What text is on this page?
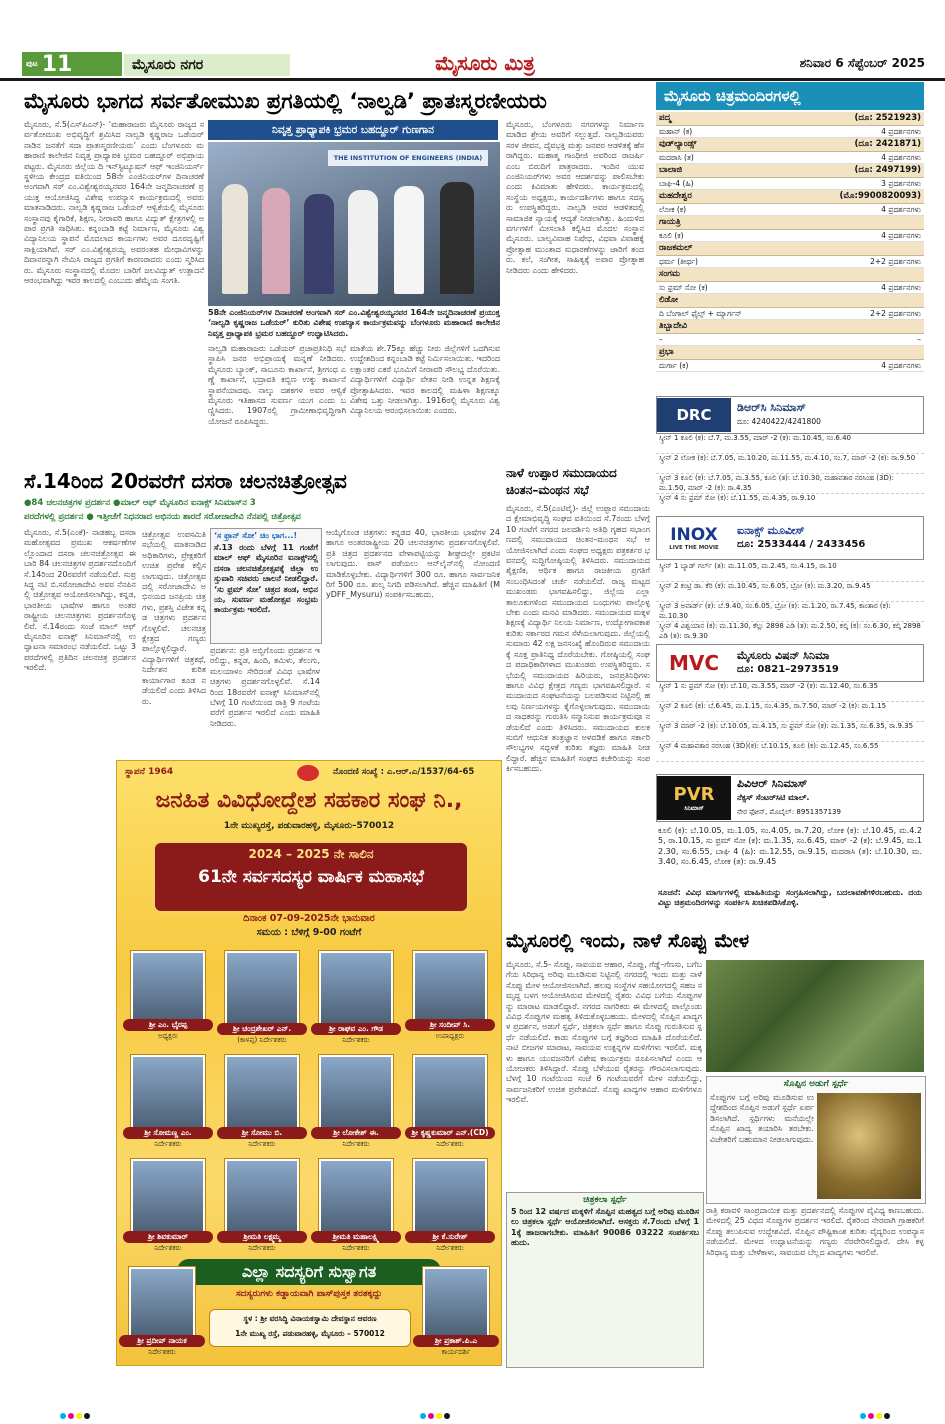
ಪುಟ 11	ಮೈಸೂರು ನಗರ	ಮೈಸೂರು ಮಿತ್ರ	ಶನಿವಾರ 6 ಸೆಪ್ಟೆಂಬರ್ 2025
ಮೈಸೂರು ಭಾಗದ ಸರ್ವತೋಮುಖ ಪ್ರಗತಿಯಲ್ಲಿ ‘ನಾಲ್ವಡಿ’ ಪ್ರಾತಃಸ್ಮರಣೀಯರು
ಮೈಸೂರು, ಸೆ.5(ಎಸ್‌ಪಿಎನ್)- ‘ಮಹಾರಾಜರು ಮೈಸೂರು ರಾಜ್ಯದ ಸರ್ವತೋಮುಖ ಅಭಿವೃದ್ಧಿಗೆ ಶ್ರಮಿಸಿದ ನಾಲ್ವಡಿ ಕೃಷ್ಣರಾಜ ಒಡೆಯರ್ ನಾಡಿನ ಜನತೆಗೆ ಸದಾ ಪ್ರಾತಃಸ್ಮರಣೀಯರು’ ಎಂದು ಬೆಂಗಳೂರು ಮಹಾರಾಣಿ ಕಾಲೇಜಿನ ನಿವೃತ್ತ ಪ್ರಾಧ್ಯಾಪಕಿ ಭ್ರಮರ ಬಹದ್ದೂರ್ ಅಭಿಪ್ರಾಯಪಟ್ಟರು. ಮೈಸೂರು ಜಿಲ್ಲೆಯ ದಿ ಇನ್‌ಸ್ಟಿಟ್ಯೂಷನ್ ಆಫ್ ಇಂಜಿನಿಯರ್ಸ್ ಸ್ಥಳೀಯ ಕೇಂದ್ರದ ವತಿಯಿಂದ 58ನೇ ಎಂಜಿನಿಯರ್‌ಗಳ ದಿನಾಚರಣೆ ಅಂಗವಾಗಿ ಸರ್ ಎಂ.ವಿಶ್ವೇಶ್ವರಯ್ಯನವರ 164ನೇ ಜನ್ಮದಿನಾಚರಣೆ ಪ್ರಯುಕ್ತ ಆಯೋಜಿಸಿದ್ದ ವಿಶೇಷ ಉಪನ್ಯಾಸ ಕಾರ್ಯಕ್ರಮದಲ್ಲಿ ಅವರು ಮಾತನಾಡಿದರು. ನಾಲ್ವಡಿ ಕೃಷ್ಣರಾಜ ಒಡೆಯರ್ ಆಳ್ವಿಕೆಯಲ್ಲಿ ಮೈಸೂರು ಸಂಸ್ಥಾನವು ಕೈಗಾರಿಕೆ, ಶಿಕ್ಷಣ, ನೀರಾವರಿ ಹಾಗೂ ವಿದ್ಯುತ್ ಕ್ಷೇತ್ರಗಳಲ್ಲಿ ಅಪಾರ ಪ್ರಗತಿ ಸಾಧಿಸಿತು. ಕನ್ನಂಬಾಡಿ ಕಟ್ಟೆ ನಿರ್ಮಾಣ, ಮೈಸೂರು ವಿಶ್ವವಿದ್ಯಾನಿಲಯ ಸ್ಥಾಪನೆ ಮೊದಲಾದ ಕಾರ್ಯಗಳು ಅವರ ದೂರದೃಷ್ಟಿಗೆ ಸಾಕ್ಷಿಯಾಗಿವೆ. ಸರ್ ಎಂ.ವಿಶ್ವೇಶ್ವರಯ್ಯ ಅವರಂತಹ ಮೇಧಾವಿಗಳನ್ನು ದಿವಾನರನ್ನಾಗಿ ನೇಮಿಸಿ ರಾಜ್ಯದ ಪ್ರಗತಿಗೆ ಕಾರಣರಾದರು ಎಂದು ಸ್ಮರಿಸಿದರು. ಮೈಸೂರು ಸಂಸ್ಥಾನದಲ್ಲಿ ಮೊದಲ ಬಾರಿಗೆ ಜಲವಿದ್ಯುತ್ ಉತ್ಪಾದನೆ ಆರಂಭವಾಗಿದ್ದು ಇವರ ಕಾಲದಲ್ಲಿ ಎಂಬುದು ಹೆಮ್ಮೆಯ ಸಂಗತಿ.
ನಿವೃತ್ತ ಪ್ರಾಧ್ಯಾಪಕಿ ಭ್ರಮರ ಬಹದ್ದೂರ್ ಗುಣಗಾನ
THE INSTITUTION OF ENGINEERS (INDIA)
58ನೇ ಎಂಜಿನಿಯರ್‌ಗಳ ದಿನಾಚರಣೆ ಅಂಗವಾಗಿ ಸರ್ ಎಂ.ವಿಶ್ವೇಶ್ವರಯ್ಯನವರ 164ನೇ ಜನ್ಮದಿನಾಚರಣೆ ಪ್ರಯುಕ್ತ ‘ನಾಲ್ವಡಿ ಕೃಷ್ಣರಾಜ ಒಡೆಯರ್’ ಕುರಿತು ವಿಶೇಷ ಉಪನ್ಯಾಸ ಕಾರ್ಯಕ್ರಮವನ್ನು ಬೆಂಗಳೂರು ಮಹಾರಾಣಿ ಕಾಲೇಜಿನ ನಿವೃತ್ತ ಪ್ರಾಧ್ಯಾಪಕಿ ಭ್ರಮರ ಬಹದ್ದೂರ್ ಉದ್ಘಾಟಿಸಿದರು.
ನಾಲ್ವಡಿ ಮಹಾರಾಜರು ಒಡೆಯರ್ ಪ್ರಜಾಪ್ರತಿನಿಧಿ ಸಭೆ ಸ್ಥಾಪಿಸಿ ಜನರ ಅಭಿಪ್ರಾಯಕ್ಕೆ ಮನ್ನಣೆ ನೀಡಿದರು. ಮೈಸೂರು ಬ್ಯಾಂಕ್, ಸಾಬೂನು ಕಾರ್ಖಾನೆ, ಶ್ರೀಗಂಧ ಎಣ್ಣೆ ಕಾರ್ಖಾನೆ, ಭದ್ರಾವತಿ ಕಬ್ಬಿಣ ಉಕ್ಕು ಕಾರ್ಖಾನೆ ಸ್ಥಾಪನೆಯಾದವು. ನಾಲ್ಕು ದಶಕಗಳ ಅವರ ಆಳ್ವಿಕೆ ಮೈಸೂರು ಇತಿಹಾಸದ ಸುವರ್ಣ ಯುಗ ಎಂದು ಬಣ್ಣಿಸಿದರು. 1907ರಲ್ಲಿ ಗ್ರಾಮೀಣಾಭಿವೃದ್ಧಿಗಾಗಿ ಯೋಜನೆ ರೂಪಿಸಿದ್ದರು.
ಮಾತೆಯ ಶೇ.75ಕ್ಕೂ ಹೆಚ್ಚು ನೀರು ಜಿಲ್ಲೆಗಳಿಗೆ ಒದಗಿಸುವ ಉದ್ದೇಶದಿಂದ ಕನ್ನಂಬಾಡಿ ಕಟ್ಟೆ ನಿರ್ಮಿಸಲಾಯಿತು. ಇದರಿಂದ ಲಕ್ಷಾಂತರ ಎಕರೆ ಭೂಮಿಗೆ ನೀರಾವರಿ ಸೌಲಭ್ಯ ದೊರೆಯಿತು. ವಿದ್ಯಾರ್ಥಿಗಳಿಗೆ ವಿದ್ಯಾರ್ಥಿ ವೇತನ ನೀಡಿ ಉನ್ನತ ಶಿಕ್ಷಣಕ್ಕೆ ಪ್ರೋತ್ಸಾಹಿಸಿದರು. ಇವರ ಕಾಲದಲ್ಲಿ ಮಹಿಳಾ ಶಿಕ್ಷಣಕ್ಕೂ ವಿಶೇಷ ಒತ್ತು ನೀಡಲಾಗಿತ್ತು. 1916ರಲ್ಲಿ ಮೈಸೂರು ವಿಶ್ವವಿದ್ಯಾನಿಲಯ ಆರಂಭಿಸಲಾಯಿತು ಎಂದರು.
ಮೈಸೂರು, ಬೆಂಗಳೂರು ನಗರಗಳನ್ನು ನಿರ್ಮಾಣ ಮಾಡಿದ ಶ್ರೇಯ ಅವರಿಗೆ ಸಲ್ಲುತ್ತದೆ. ನಾಲ್ವಡಿಯವರು ಸರಳ ಜೀವನ, ದೈವಭಕ್ತಿ ಮತ್ತು ಜನಪರ ಆಡಳಿತಕ್ಕೆ ಹೆಸರಾಗಿದ್ದರು. ಮಹಾತ್ಮ ಗಾಂಧೀಜಿ ಅವರಿಂದ ರಾಜರ್ಷಿ ಎಂಬ ಬಿರುದಿಗೆ ಪಾತ್ರರಾದರು. ಇಂದಿನ ಯುವ ಎಂಜಿನಿಯರ್‌ಗಳು ಅವರ ಆದರ್ಶವನ್ನು ಪಾಲಿಸಬೇಕು ಎಂದು ಕಿವಿಮಾತು ಹೇಳಿದರು. ಕಾರ್ಯಕ್ರಮದಲ್ಲಿ ಸಂಸ್ಥೆಯ ಅಧ್ಯಕ್ಷರು, ಕಾರ್ಯದರ್ಶಿಗಳು ಹಾಗೂ ಸದಸ್ಯರು ಉಪಸ್ಥಿತರಿದ್ದರು. ನಾಲ್ವಡಿ ಅವರ ಆಡಳಿತದಲ್ಲಿ ಸಾಮಾಜಿಕ ನ್ಯಾಯಕ್ಕೆ ಆದ್ಯತೆ ನೀಡಲಾಗಿತ್ತು. ಹಿಂದುಳಿದ ವರ್ಗಗಳಿಗೆ ಮೀಸಲಾತಿ ಕಲ್ಪಿಸಿದ ಮೊದಲ ಸಂಸ್ಥಾನ ಮೈಸೂರು. ಬಾಲ್ಯವಿವಾಹ ನಿಷೇಧ, ವಿಧವಾ ವಿವಾಹಕ್ಕೆ ಪ್ರೋತ್ಸಾಹ ಮುಂತಾದ ಸುಧಾರಣೆಗಳನ್ನು ಜಾರಿಗೆ ತಂದರು. ಕಲೆ, ಸಂಗೀತ, ಸಾಹಿತ್ಯಕ್ಕೆ ಅಪಾರ ಪ್ರೋತ್ಸಾಹ ನೀಡಿದರು ಎಂದು ಹೇಳಿದರು.
ನಾಳೆ ಉಪ್ಪಾರ ಸಮುದಾಯದ ಚಿಂತನ–ಮಂಥನ ಸಭೆ
ಮೈಸೂರು, ಸೆ.5(ಎಂಟಿವೈ)- ಜಿಲ್ಲೆ ಉಪ್ಪಾರ ಸಮುದಾಯದ ಕ್ಷೇಮಾಭಿವೃದ್ಧಿ ಸಂಘದ ವತಿಯಿಂದ ಸೆ.7ರಂದು ಬೆಳಗ್ಗೆ 10 ಗಂಟೆಗೆ ನಗರದ ಜಲದರ್ಶಿನಿ ಅತಿಥಿ ಗೃಹದ ಸಭಾಂಗಣದಲ್ಲಿ ಸಮುದಾಯದ ಚಿಂತನ–ಮಂಥನ ಸಭೆ ಆಯೋಜಿಸಲಾಗಿದೆ ಎಂದು ಸಂಘದ ಅಧ್ಯಕ್ಷರು ಪತ್ರಕರ್ತರ ಭವನದಲ್ಲಿ ಸುದ್ದಿಗೋಷ್ಠಿಯಲ್ಲಿ ತಿಳಿಸಿದರು. ಸಮುದಾಯದ ಶೈಕ್ಷಣಿಕ, ಆರ್ಥಿಕ ಹಾಗೂ ರಾಜಕೀಯ ಪ್ರಗತಿಗೆ ಸಂಬಂಧಿಸಿದಂತೆ ಚರ್ಚೆ ನಡೆಯಲಿದೆ. ರಾಜ್ಯ ಮಟ್ಟದ ಮುಖಂಡರು ಭಾಗವಹಿಸಲಿದ್ದು, ಜಿಲ್ಲೆಯ ಎಲ್ಲಾ ತಾಲೂಕುಗಳಿಂದ ಸಮುದಾಯದ ಬಂಧುಗಳು ಪಾಲ್ಗೊಳ್ಳಬೇಕು ಎಂದು ಮನವಿ ಮಾಡಿದರು. ಸಮುದಾಯದ ಮಕ್ಕಳ ಶಿಕ್ಷಣಕ್ಕೆ ವಿದ್ಯಾರ್ಥಿ ನಿಲಯ ನಿರ್ಮಾಣ, ಉದ್ಯೋಗಾವಕಾಶ ಕುರಿತು ಸರ್ಕಾರದ ಗಮನ ಸೆಳೆಯಲಾಗುವುದು. ಜಿಲ್ಲೆಯಲ್ಲಿ ಸುಮಾರು 42 ಲಕ್ಷ ಜನಸಂಖ್ಯೆ ಹೊಂದಿರುವ ಸಮುದಾಯಕ್ಕೆ ಸೂಕ್ತ ಪ್ರಾತಿನಿಧ್ಯ ದೊರೆಯಬೇಕು. ಗೋಷ್ಠಿಯಲ್ಲಿ ಸಂಘದ ಪದಾಧಿಕಾರಿಗಳಾದ ಮುಖಂಡರು ಉಪಸ್ಥಿತರಿದ್ದರು. ಸಭೆಯಲ್ಲಿ ಸಮುದಾಯದ ಹಿರಿಯರು, ಜನಪ್ರತಿನಿಧಿಗಳು ಹಾಗೂ ವಿವಿಧ ಕ್ಷೇತ್ರದ ಗಣ್ಯರು ಭಾಗವಹಿಸಲಿದ್ದಾರೆ. ಸಮುದಾಯದ ಸಂಘಟನೆಯನ್ನು ಬಲಪಡಿಸುವ ನಿಟ್ಟಿನಲ್ಲಿ ಹಲವು ನಿರ್ಣಯಗಳನ್ನು ಕೈಗೊಳ್ಳಲಾಗುವುದು. ಸಮುದಾಯದ ಸಾಧಕರನ್ನು ಗುರುತಿಸಿ ಸನ್ಮಾನಿಸುವ ಕಾರ್ಯಕ್ರಮವೂ ನಡೆಯಲಿದೆ ಎಂದು ತಿಳಿಸಿದರು. ಸಮುದಾಯದ ಕುಲಕಸುಬಿಗೆ ಆಧುನಿಕ ತಂತ್ರಜ್ಞಾನ ಅಳವಡಿಕೆ ಹಾಗೂ ಸರ್ಕಾರಿ ಸೌಲಭ್ಯಗಳ ಸದ್ಬಳಕೆ ಕುರಿತು ತಜ್ಞರು ಮಾಹಿತಿ ನೀಡಲಿದ್ದಾರೆ. ಹೆಚ್ಚಿನ ಮಾಹಿತಿಗೆ ಸಂಘದ ಕಚೇರಿಯನ್ನು ಸಂಪರ್ಕಿಸಬಹುದು.
ಸೆ.14ರಿಂದ 20ರವರೆಗೆ ದಸರಾ ಚಲನಚಿತ್ರೋತ್ಸವ
●84 ಚಲನಚಿತ್ರಗಳ ಪ್ರದರ್ಶನ ●ಮಾಲ್ ಆಫ್ ಮೈಸೂರಿನ ಐನಾಕ್ಸ್ ಸಿನಿಮಾಸ್‌ನ 3
ಪರದೆಗಳಲ್ಲಿ ಪ್ರದರ್ಶನ ● ಇತ್ತೀಚೆಗೆ ನಿಧನರಾದ ಅಭಿನಯ ಶಾರದೆ ಸರೋಜಾದೇವಿ ನೆನಪಲ್ಲಿ ಚಿತ್ರೋತ್ಸವ
ಮೈಸೂರು, ಸೆ.5(ಎಂಕೆ)- ನಾಡಹಬ್ಬ ದಸರಾ ಮಹೋತ್ಸವದ ಪ್ರಮುಖ ಆಕರ್ಷಣೆಗಳಲ್ಲೊಂದಾದ ದಸರಾ ಚಲನಚಿತ್ರೋತ್ಸವ ಈ ಬಾರಿ 84 ಚಲನಚಿತ್ರಗಳ ಪ್ರದರ್ಶನದೊಂದಿಗೆ ಸೆ.14ರಿಂದ 20ರವರೆಗೆ ನಡೆಯಲಿದೆ. ಸುಪ್ರಸಿದ್ಧ ನಟಿ ಬಿ.ಸರೋಜಾದೇವಿ ಅವರ ನೆನಪಿನಲ್ಲಿ ಚಿತ್ರೋತ್ಸವ ಆಯೋಜಿಸಲಾಗಿದ್ದು, ಕನ್ನಡ, ಭಾರತೀಯ ಭಾಷೆಗಳ ಹಾಗೂ ಅಂತರರಾಷ್ಟ್ರೀಯ ಚಲನಚಿತ್ರಗಳು ಪ್ರದರ್ಶನಗೊಳ್ಳಲಿವೆ. ಸೆ.14ರಂದು ಸಂಜೆ ಮಾಲ್ ಆಫ್ ಮೈಸೂರಿನ ಐನಾಕ್ಸ್ ಸಿನಿಮಾಸ್‌ನಲ್ಲಿ ಉದ್ಘಾಟನಾ ಸಮಾರಂಭ ನಡೆಯಲಿದೆ. ಒಟ್ಟು 3 ಪರದೆಗಳಲ್ಲಿ ಪ್ರತಿದಿನ ಚಲನಚಿತ್ರ ಪ್ರದರ್ಶನ ಇರಲಿದೆ.
ಚಿತ್ರೋತ್ಸವ ಉಪಸಮಿತಿ ಸಭೆಯಲ್ಲಿ ಮಾತನಾಡಿದ ಅಧಿಕಾರಿಗಳು, ಪ್ರೇಕ್ಷಕರಿಗೆ ಉಚಿತ ಪ್ರವೇಶ ಕಲ್ಪಿಸಲಾಗುವುದು. ಚಿತ್ರೋತ್ಸವದಲ್ಲಿ ಸರೋಜಾದೇವಿ ಅಭಿನಯದ ಜನಪ್ರಿಯ ಚಿತ್ರಗಳು, ಪ್ರಶಸ್ತಿ ವಿಜೇತ ಕನ್ನಡ ಚಿತ್ರಗಳು ಪ್ರದರ್ಶನಗೊಳ್ಳಲಿವೆ. ಚಲನಚಿತ್ರ ಕ್ಷೇತ್ರದ ಗಣ್ಯರು ಪಾಲ್ಗೊಳ್ಳಲಿದ್ದಾರೆ. ವಿದ್ಯಾರ್ಥಿಗಳಿಗೆ ಚಿತ್ರಕಥೆ, ನಿರ್ದೇಶನ ಕುರಿತ ಕಾರ್ಯಾಗಾರ ಕೂಡ ನಡೆಯಲಿದೆ ಎಂದು ತಿಳಿಸಿದರು.
‘ಸ ಫ್ರಾನ್ ಸೋ’ ಚಿಂ ಭಾಗ...!
ಸೆ.13 ರಂದು ಬೆಳಗ್ಗೆ 11 ಗಂಟೆಗೆ ಮಾಲ್ ಆಫ್ ಮೈಸೂರಿನ ಐನಾಕ್ಸ್‌ನಲ್ಲಿ ದಸರಾ ಚಲನಚಿತ್ರೋತ್ಸವಕ್ಕೆ ಜಿಲ್ಲಾ ಉಸ್ತುವಾರಿ ಸಚಿವರು ಚಾಲನೆ ನೀಡಲಿದ್ದಾರೆ. ‘ಸು ಫ್ರಮ್ ಸೋ’ ಚಿತ್ರದ ತಂಡ, ಅಭಿನಯ, ಸುವರ್ಣ ಮಹೋತ್ಸವ ಸಂಭ್ರಮ ಕಾರ್ಯಕ್ರಮ ಇರಲಿದೆ.
ಪ್ರದರ್ಶನ: ಪ್ರತಿ ಅಬ್ಬಿಗೊಂದು ಪ್ರದರ್ಶನ ಇರಲಿದ್ದು, ಕನ್ನಡ, ಹಿಂದಿ, ತಮಿಳು, ತೆಲುಗು, ಮಲಯಾಳಂ ಸೇರಿದಂತೆ ವಿವಿಧ ಭಾಷೆಗಳ ಚಿತ್ರಗಳು ಪ್ರದರ್ಶನಗೊಳ್ಳಲಿವೆ. ಸೆ.14 ರಿಂದ 18ರವರೆಗೆ ಐನಾಕ್ಸ್ ಸಿನಿಮಾಸ್‌ನಲ್ಲಿ ಬೆಳಗ್ಗೆ 10 ಗಂಟೆಯಿಂದ ರಾತ್ರಿ 9 ಗಂಟೆಯವರೆಗೆ ಪ್ರದರ್ಶನ ಇರಲಿದೆ ಎಂದು ಮಾಹಿತಿ ನೀಡಿದರು.
ಆಯ್ಕೆಗೊಂಡ ಚಿತ್ರಗಳು: ಕನ್ನಡದ 40, ಭಾರತೀಯ ಭಾಷೆಗಳ 24 ಹಾಗೂ ಅಂತರರಾಷ್ಟ್ರೀಯ 20 ಚಲನಚಿತ್ರಗಳು ಪ್ರದರ್ಶನಗೊಳ್ಳಲಿವೆ. ಪ್ರತಿ ಚಿತ್ರದ ಪ್ರದರ್ಶನದ ವೇಳಾಪಟ್ಟಿಯನ್ನು ಶೀಘ್ರದಲ್ಲೇ ಪ್ರಕಟಿಸಲಾಗುವುದು. ಪಾಸ್ ಪಡೆಯಲು ಆನ್‌ಲೈನ್‌ನಲ್ಲಿ ನೋಂದಣಿ ಮಾಡಿಕೊಳ್ಳಬೇಕು. ವಿದ್ಯಾರ್ಥಿಗಳಿಗೆ 300 ರೂ. ಹಾಗೂ ಸಾರ್ವಜನಿಕರಿಗೆ 500 ರೂ. ಶುಲ್ಕ ನಿಗದಿ ಪಡಿಸಲಾಗಿದೆ. ಹೆಚ್ಚಿನ ಮಾಹಿತಿಗೆ (MyDFF_Mysuru) ಸಂಪರ್ಕಿಸಬಹುದು.
ಸ್ಥಾಪನೆ 1964	ನೊಂದಣಿ ಸಂಖ್ಯೆ : ಎ.ಆರ್.ಎ/1537/64-65
ಜನಹಿತ ವಿವಿಧೋದ್ದೇಶ ಸಹಕಾರ ಸಂಘ ನಿ.,
1ನೇ ಮುಖ್ಯರಸ್ತೆ, ಪಡುವಾರಹಳ್ಳಿ, ಮೈಸೂರು–570012
2024 – 2025 ನೇ ಸಾಲಿನ
61ನೇ ಸರ್ವಸದಸ್ಯರ ವಾರ್ಷಿಕ ಮಹಾಸಭೆ
ದಿನಾಂಕ 07-09-2025ನೇ ಭಾನುವಾರ
ಸಮಯ : ಬೆಳಿಗ್ಗೆ 9-00 ಗಂಟೆಗೆ
ಶ್ರೀ ಎಂ. ಭೈರಪ್ಪ
ಅಧ್ಯಕ್ಷರು
ಶ್ರೀ ಚಂದ್ರಶೇಖರ್ ಎನ್.
(ಕಾಳಪ್ಪ) ನಿರ್ದೇಶಕರು
ಶ್ರೀ ರಾಘವ ಎಂ. ಗೌಡ
ನಿರ್ದೇಶಕರು
ಶ್ರೀ ಸಂದೀಪ್ ಸಿ.
ಉಪಾಧ್ಯಕ್ಷರು
ಶ್ರೀ ಸೋಮಣ್ಣ ಎಂ.
ನಿರ್ದೇಶಕರು
ಶ್ರೀ ಸೋಮು ಬಿ.
ನಿರ್ದೇಶಕರು
ಶ್ರೀ ಲೋಕೇಶ್ ಈ.
ನಿರ್ದೇಶಕರು
ಶ್ರೀ ಕೃಷ್ಣಕುಮಾರ್ ಎನ್.(CD)
ನಿರ್ದೇಶಕರು
ಶ್ರೀ ಶಿವಕುಮಾರ್
ನಿರ್ದೇಶಕರು
ಶ್ರೀಮತಿ ಲಕ್ಷ್ಮಮ್ಮ
ನಿರ್ದೇಶಕರು
ಶ್ರೀಮತಿ ಮಹಾಲಕ್ಷ್ಮಿ
ನಿರ್ದೇಶಕರು
ಶ್ರೀ ಕೆ.ಸುರೇಶ್
ನಿರ್ದೇಶಕರು
ಎಲ್ಲಾ ಸದಸ್ಯರಿಗೆ ಸುಸ್ವಾಗತ
ಸದಸ್ಯರುಗಳು ಕಡ್ಡಾಯವಾಗಿ ಪಾಸ್‌ಪುಸ್ತಕ ತರತಕ್ಕದ್ದು
ಸ್ಥಳ : ಶ್ರೀ ವರಸಿದ್ಧಿ ವಿನಾಯಕಸ್ವಾಮಿ ದೇವಸ್ಥಾನ ಆವರಣ
1ನೇ ಮುಖ್ಯ ರಸ್ತೆ, ಪಡುವಾರಹಳ್ಳಿ, ಮೈಸೂರು – 570012
ಶ್ರೀ ಪ್ರದೀಪ್ ನಾಯಕ
ನಿರ್ದೇಶಕರು
ಶ್ರೀ ಪ್ರಕಾಶ್.ಪಿ.ಎ
ಕಾರ್ಯದರ್ಶಿ
ಮೈಸೂರು ಚಿತ್ರಮಂದಿರಗಳಲ್ಲಿ
ಪದ್ಮ	(ದೂ: 2521923)
ಮಹಾನ್ (ಕ)	4 ಪ್ರದರ್ಶನಗಳು
ವುಡ್‌ಲ್ಯಾಂಡ್ಸ್	(ದೂ: 2421871)
ಮದರಾಸಿ (ತ)	4 ಪ್ರದರ್ಶನಗಳು
ಬಾಲಾಜಿ	(ದೂ: 2497199)
ಬಾಘಿ-4 (ಹಿ)	3 ಪ್ರದರ್ಶನಗಳು
ಮಹದೇಶ್ವರ	(ಮೊ:9900820093)
ಲೋಕ (ಕ)	4 ಪ್ರದರ್ಶನಗಳು
ಗಾಯತ್ರಿ
ಕೂಲಿ (ಕ)	4 ಪ್ರದರ್ಶನಗಳು
ರಾಜಕಮಲ್
ಧರ್ಮ (ತೀರ್ಥ)	2+2 ಪ್ರದರ್ಶನಗಳು
ಸಂಗಮ
ಸು ಫ್ರಮ್ ಸೋ (ಕ)	4 ಪ್ರದರ್ಶನಗಳು
ಲಿಡೋ
ದಿ ಬೆಂಗಾಲ್ ಫೈಲ್ಸ್ + ಮ್ಯಾರ್ಗನ್	2+2 ಪ್ರದರ್ಶನಗಳು
ತಿಬ್ಬಾದೇವಿ
–	–
ಪ್ರಭಾ
ದುರ್ಗಾ (ಕ)	4 ಪ್ರದರ್ಶನಗಳು
DRC	ಡಿಆರ್‌ಸಿ ಸಿನಿಮಾಸ್
ದೂ: 4240422/4241800
ಸ್ಕ್ರೀನ್ 1 ಕೂಲಿ (ಕ): ಬೆ.7, ಮ.3.55, ಮಾರ್ ‑2 (ಕ): ಮ.10.45, ಸಂ.6.40
ಸ್ಕ್ರೀನ್ 2 ಲೋಕ (ಕ): ಬೆ.7.05, ಮ.10.20, ಮ.11.55, ಮ.4.10, ಸಂ.7, ಮಾರ್ ‑2 (ಕ): ರಾ.9.50
ಸ್ಕ್ರೀನ್ 3 ಕೂಲಿ (ಕ): ಬೆ.7.05, ಮ.3.55, ಕೂಲಿ (ತ): ಬೆ.10.30, ಮಹಾವತಾರ ನರಸಿಂಹ (3D): ಮ.1.50, ಮಾರ್ ‑2 (ಕ): ರಾ.4.35
ಸ್ಕ್ರೀನ್ 4 ಸು ಫ್ರಮ್ ಸೋ (ಕ): ಬೆ.11.55, ಮ.4.35, ರಾ.9.10
INOX
LIVE THE MOVIE
ಐನಾಕ್ಸ್ ಮೂವೀಸ್
ದೂ: 2533444 / 2433456
ಸ್ಕ್ರೀನ್ 1 ಬ್ಯಾಡ್ ಗರ್ಲ್ (ತ): ಮ.11.05, ಮ.2.45, ಸಂ.4.15, ರಾ.10
ಸ್ಕ್ರೀನ್ 2 ಕಂಟ್ರಿ ಡಾ. ಕೆರಿ (ಕ): ಮ.10.45, ಸಂ.6.05, ಬ್ರೋ (ಕ): ಮ.3.20, ರಾ.9.45
ಸ್ಕ್ರೀನ್ 3 ಅವಾರ್ಡ್ (ಕ): ಬೆ.9.40, ಸಂ.6.05, ಬ್ರೋ (ಕ): ಮ.1.20, ರಾ.7.45, ಕಾಂತಾರ (ಕ): ಮ.10.30
ಸ್ಕ್ರೀನ್ 4 ವಿಶ್ವಯಾನ (ಕ): ಮ.11.30, ಕೆಲ್ಲು 2898 ಎಡಿ (ತ): ಮ.2.50, ಕಲ್ಕಿ (ಕ): ಸಂ.6.30, ಕಲ್ಕಿ 2898 ಎಡಿ (ತ): ರಾ.9.30
MVC	ಮೈಸೂರು ವಿಷನ್ ಸಿನಿಮಾ
ದೂ: 0821–2973519
ಸ್ಕ್ರೀನ್ 1 ಸು ಫ್ರಮ್ ಸೋ (ಕ): ಬೆ.10, ಮ.3.55, ಮಾರ್ ‑2 (ಕ): ಮ.12.40, ಸಂ.6.35
ಸ್ಕ್ರೀನ್ 2 ಕೂಲಿ (ಕ): ಬೆ.6.45, ಮ.1.15, ಸಂ.4.35, ರಾ.7.50, ಮಾರ್ ‑2 (ಕ): ಮ.1.15
ಸ್ಕ್ರೀನ್ 3 ಮಾರ್ ‑2 (ಕ): ಬೆ.10.05, ಮ.4.15, ಸು ಫ್ರಮ್ ಸೋ (ಕ): ಮ.1.35, ಸಂ.6.35, ರಾ.9.35
ಸ್ಕ್ರೀನ್ 4 ಮಹಾವತಾರ ನರಸಿಂಹ (3D)(ಕ): ಬೆ.10.15, ಕೂಲಿ (ಕ): ಮ.12.45, ಸಂ.6.55
PVR
ಸಿನಿಮಾಸ್
ಪಿವಿಆರ್ ಸಿನಿಮಾಸ್
ನೆಕ್ಸಸ್ ಸೆಂಟರ್‌ಸಿಟಿ ಮಾಲ್.
ನೇರ ಫೋನ್, ಮೊಬೈಲ್: 8951357139
ಕೂಲಿ (ಕ): ಬೆ.10.05, ಮ.1.05, ಸಂ.4.05, ರಾ.7.20, ಲೋಕ (ಕ): ಬೆ.10.45, ಮ.4.25, ರಾ.10.15, ಸು ಫ್ರಮ್ ಸೋ (ಕ): ಮ.1.35, ಸಂ.6.45, ಮಾರ್ ‑2 (ಕ): ಬೆ.9.45, ಮ.12.30, ಸಂ.6.55, ಬಾಘಿ 4 (ಹಿ): ಮ.12.55, ರಾ.9.15, ಮದರಾಸಿ (ತ): ಬೆ.10.30, ಮ.3.40, ಸಂ.6.45, ಲೋಕ (ತ): ರಾ.9.45
ಸೂಚನೆ: ವಿವಿಧ ಮಾರ್ಗಗಳಲ್ಲಿ ಮಾಹಿತಿಯನ್ನು ಸಂಗ್ರಹಿಸಲಾಗಿದ್ದು, ಬದಲಾವಣೆಗಳಿರಬಹುದು. ದಯವಿಟ್ಟು ಚಿತ್ರಮಂದಿರಗಳನ್ನು ಸಂಪರ್ಕಿಸಿ ಖಚಿತಪಡಿಸಿಕೊಳ್ಳಿ.
ಮೈಸೂರಲ್ಲಿ ಇಂದು, ನಾಳೆ ಸೊಪ್ಪು ಮೇಳ
ಮೈಸೂರು, ಸೆ.5- ಸೊಪ್ಪು, ಸಾವಯವ ಆಹಾರ, ಸೊಪ್ಪು, ಗೆಡ್ಡೆ–ಗೆಣಸು, ಬಗೆಬಗೆಯ ಸಿರಿಧಾನ್ಯ ಅರಿವು ಮೂಡಿಸುವ ನಿಟ್ಟಿನಲ್ಲಿ ನಗರದಲ್ಲಿ ಇಂದು ಮತ್ತು ನಾಳೆ ಸೊಪ್ಪು ಮೇಳ ಆಯೋಜಿಸಲಾಗಿದೆ. ಹಲವು ಸಂಸ್ಥೆಗಳ ಸಹಯೋಗದಲ್ಲಿ ಸಹಜ ಸಮೃದ್ಧ ಬಳಗ ಆಯೋಜಿಸಿರುವ ಮೇಳದಲ್ಲಿ ರೈತರು ವಿವಿಧ ಬಗೆಯ ಸೊಪ್ಪುಗಳನ್ನು ಮಾರಾಟ ಮಾಡಲಿದ್ದಾರೆ. ನಗರದ ನಾಗರಿಕರು ಈ ಮೇಳದಲ್ಲಿ ಪಾಲ್ಗೊಂಡು ವಿವಿಧ ಸೊಪ್ಪುಗಳ ಮಹತ್ವ ತಿಳಿದುಕೊಳ್ಳಬಹುದು. ಮೇಳದಲ್ಲಿ ಸೊಪ್ಪಿನ ಖಾದ್ಯಗಳ ಪ್ರದರ್ಶನ, ಅಡುಗೆ ಸ್ಪರ್ಧೆ, ಚಿತ್ರಕಲಾ ಸ್ಪರ್ಧೆ ಹಾಗೂ ಸೊಪ್ಪು ಗುರುತಿಸುವ ಸ್ಪರ್ಧೆ ನಡೆಯಲಿದೆ. ಕಾಡು ಸೊಪ್ಪುಗಳ ಬಗ್ಗೆ ತಜ್ಞರಿಂದ ಮಾಹಿತಿ ದೊರೆಯಲಿದೆ. ನಾಟಿ ಬೀಜಗಳ ಮಾರಾಟ, ಸಾವಯವ ಉತ್ಪನ್ನಗಳ ಮಳಿಗೆಗಳು ಇರಲಿವೆ. ಮಕ್ಕಳು ಹಾಗೂ ಯುವಜನರಿಗೆ ವಿಶೇಷ ಕಾರ್ಯಕ್ರಮ ರೂಪಿಸಲಾಗಿದೆ ಎಂದು ಆಯೋಜಕರು ತಿಳಿಸಿದ್ದಾರೆ. ಸೊಪ್ಪು ಬೆಳೆಯುವ ರೈತರನ್ನು ಗೌರವಿಸಲಾಗುವುದು. ಬೆಳಗ್ಗೆ 10 ಗಂಟೆಯಿಂದ ಸಂಜೆ 6 ಗಂಟೆಯವರೆಗೆ ಮೇಳ ನಡೆಯಲಿದ್ದು, ಸಾರ್ವಜನಿಕರಿಗೆ ಉಚಿತ ಪ್ರವೇಶವಿದೆ. ಸೊಪ್ಪು ಖಾದ್ಯಗಳ ಆಹಾರ ಮಳಿಗೆಗಳೂ ಇರಲಿವೆ.
ಸೊಪ್ಪಿನ ಅಡುಗೆ ಸ್ಪರ್ಧೆ
ಸೊಪ್ಪುಗಳ ಬಗ್ಗೆ ಅರಿವು ಮೂಡಿಸುವ ಉದ್ದೇಶದಿಂದ ಸೊಪ್ಪಿನ ಅಡುಗೆ ಸ್ಪರ್ಧೆ ಏರ್ಪಡಿಸಲಾಗಿದೆ. ಸ್ಪರ್ಧಿಗಳು ಮನೆಯಲ್ಲೇ ಸೊಪ್ಪಿನ ಖಾದ್ಯ ತಯಾರಿಸಿ ತರಬೇಕು. ವಿಜೇತರಿಗೆ ಬಹುಮಾನ ನೀಡಲಾಗುವುದು.
ಚಿತ್ರಕಲಾ ಸ್ಪರ್ಧೆ
5 ರಿಂದ 12 ವರ್ಷದ ಮಕ್ಕಳಿಗೆ ಸೊಪ್ಪಿನ ಮಹತ್ವದ ಬಗ್ಗೆ ಅರಿವು ಮೂಡಿಸಲು ಚಿತ್ರಕಲಾ ಸ್ಪರ್ಧೆ ಆಯೋಜಿಸಲಾಗಿದೆ. ಆಸಕ್ತರು ಸೆ.7ರಂದು ಬೆಳಗ್ಗೆ 11ಕ್ಕೆ ಹಾಜರಾಗಬೇಕು. ಮಾಹಿತಿಗೆ 90086 03222 ಸಂಪರ್ಕಿಸಬಹುದು.
ರಾತ್ರಿ ಕರಾವಳಿ ಸಾಂಪ್ರದಾಯಿಕ ಮತ್ತು ಪ್ರದರ್ಶನದಲ್ಲಿ ಸೊಪ್ಪುಗಳ ವೈವಿಧ್ಯ ಕಾಣಬಹುದು. ಮೇಳದಲ್ಲಿ 25 ವಿಧದ ಸೊಪ್ಪುಗಳ ಪ್ರದರ್ಶನ ಇರಲಿದೆ. ರೈತರಿಂದ ನೇರವಾಗಿ ಗ್ರಾಹಕರಿಗೆ ಸೊಪ್ಪು ತಲುಪಿಸುವ ಉದ್ದೇಶವಿದೆ. ಸೊಪ್ಪಿನ ಪೌಷ್ಟಿಕಾಂಶ ಕುರಿತು ವೈದ್ಯರಿಂದ ಉಪನ್ಯಾಸ ನಡೆಯಲಿದೆ. ಮೇಳದ ಉದ್ಘಾಟನೆಯನ್ನು ಗಣ್ಯರು ನೆರವೇರಿಸಲಿದ್ದಾರೆ. ದೇಸಿ ಕಳ್ಳ ಸಿರಿಧಾನ್ಯ ಮತ್ತು ಬೇಳೆಕಾಳು, ಸಾವಯವ ಬೆಲ್ಲದ ಖಾದ್ಯಗಳು ಇರಲಿವೆ.
